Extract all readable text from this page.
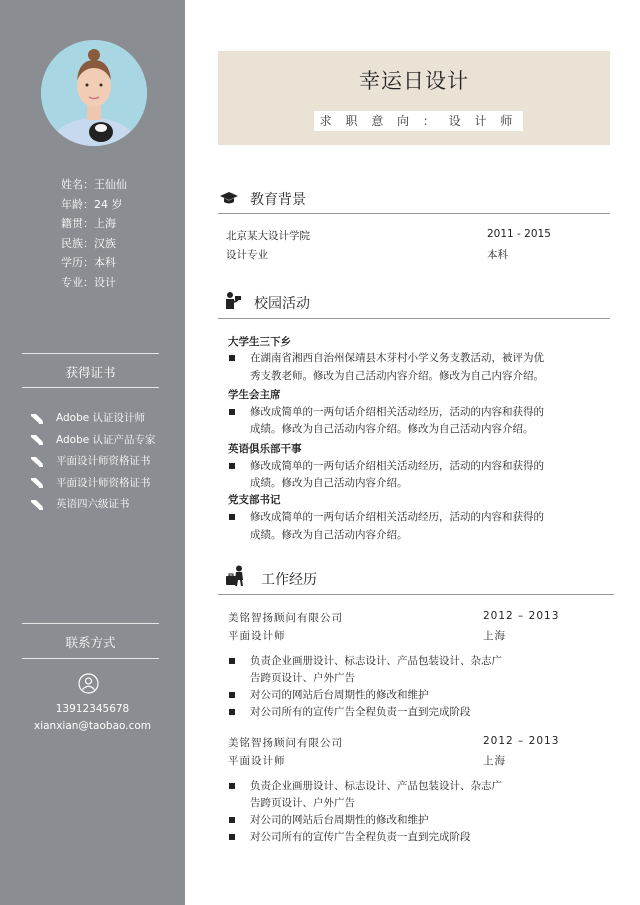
姓名：王仙仙
年龄：24 岁
籍贯：上海
民族：汉族
学历：本科
专业：设计
获得证书
Adobe 认证设计师
Adobe 认证产品专家
平面设计师资格证书
平面设计师资格证书
英语四六级证书
联系方式
13912345678
xianxian@taobao.com
幸运日设计
求 职 意 向 ： 设 计 师
教育背景
北京某大设计学院	2011 - 2015
设计专业	本科
校园活动
大学生三下乡
在湖南省湘西自治州保靖县木芽村小学义务支教活动，被评为优
秀支教老师。修改为自己活动内容介绍。修改为自己内容介绍。
学生会主席
修改成简单的一两句话介绍相关活动经历，活动的内容和获得的
成绩。修改为自己活动内容介绍。修改为自己活动内容介绍。
英语俱乐部干事
修改成简单的一两句话介绍相关活动经历，活动的内容和获得的
成绩。修改为自己活动内容介绍。
党支部书记
修改成简单的一两句话介绍相关活动经历，活动的内容和获得的
成绩。修改为自己活动内容介绍。
工作经历
美铭智扬顾问有限公司	2012 – 2013
平面设计师	上海
负责企业画册设计、标志设计、产品包装设计、杂志广
告跨页设计、户外广告
对公司的网站后台周期性的修改和维护
对公司所有的宣传广告全程负责一直到完成阶段
美铭智扬顾问有限公司	2012 – 2013
平面设计师	上海
负责企业画册设计、标志设计、产品包装设计、杂志广
告跨页设计、户外广告
对公司的网站后台周期性的修改和维护
对公司所有的宣传广告全程负责一直到完成阶段
